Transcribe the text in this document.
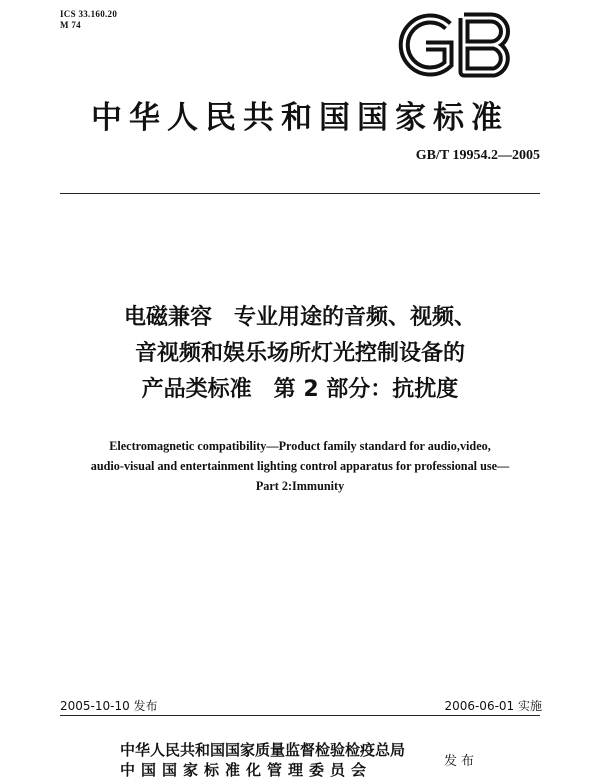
ICS 33.160.20
M 74
中华人民共和国国家标准
GB/T 19954.2—2005
电磁兼容　专业用途的音频、视频、
音视频和娱乐场所灯光控制设备的
产品类标准　第 2 部分：抗扰度
Electromagnetic compatibility—Product family standard for audio,video,
audio-visual and entertainment lighting control apparatus for professional use—
Part 2:Immunity
2005-10-10 发布	2006-06-01 实施
中华人民共和国国家质量监督检验检疫总局
中国国家标准化管理委员会	发布
